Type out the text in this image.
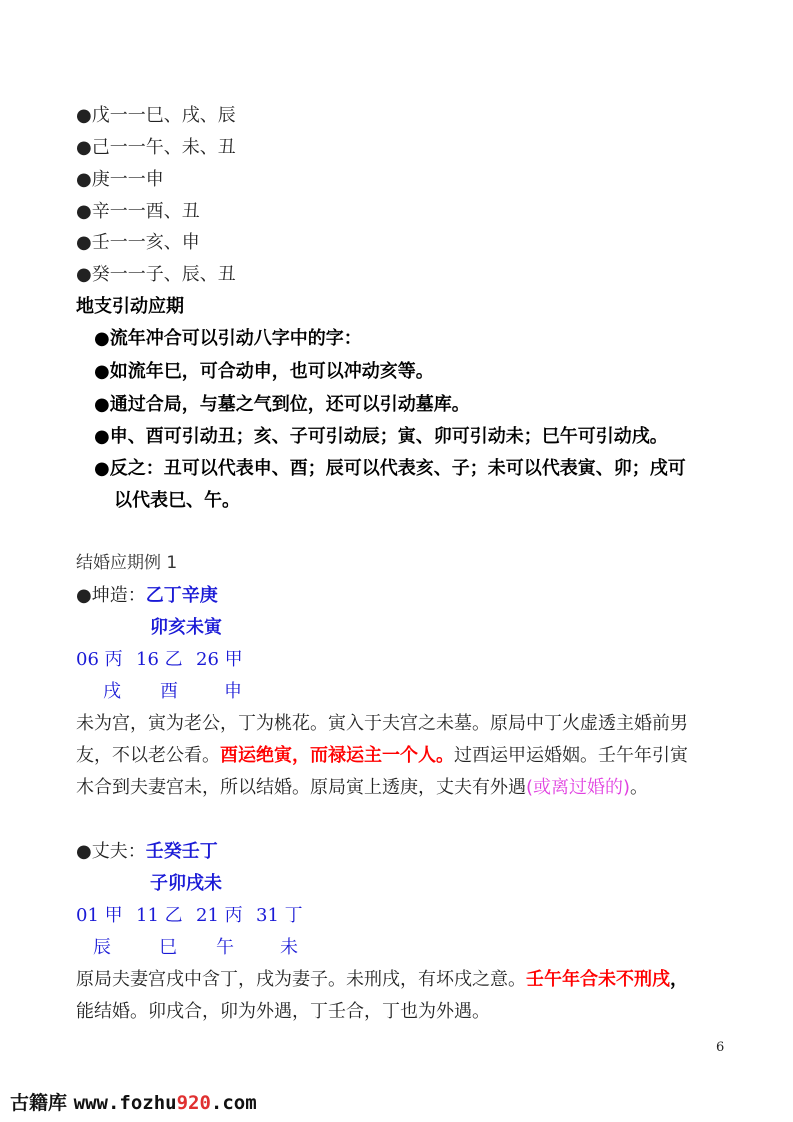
●戊一一巳、戌、辰
●己一一午、未、丑
●庚一一申
●辛一一酉、丑
●壬一一亥、申
●癸一一子、辰、丑
地支引动应期
●流年冲合可以引动八字中的字：
●如流年巳，可合动申，也可以冲动亥等。
●通过合局，与墓之气到位，还可以引动墓库。
●申、酉可引动丑；亥、子可引动辰；寅、卯可引动未；巳午可引动戌。
●反之：丑可以代表申、酉；辰可以代表亥、子；未可以代表寅、卯；戌可
以代表巳、午。
结婚应期例 1
●坤造：乙丁辛庚
卯亥未寅
06 丙 16 乙 26 甲
戌 酉	申
未为宫，寅为老公，丁为桃花。寅入于夫宫之未墓。原局中丁火虚透主婚前男
友，不以老公看。酉运绝寅，而禄运主一个人。过酉运甲运婚姻。壬午年引寅
木合到夫妻宫未，所以结婚。原局寅上透庚，丈夫有外遇(或离过婚的)。
●丈夫：壬癸壬丁
子卯戌未
01 甲 11 乙 21 丙 31 丁
辰	巳 午	未
原局夫妻宫戌中含丁，戌为妻子。未刑戌，有坏戌之意。壬午年合未不刑戌，
能结婚。卯戌合，卯为外遇，丁壬合，丁也为外遇。
6
古籍库 www.fozhu920.com
